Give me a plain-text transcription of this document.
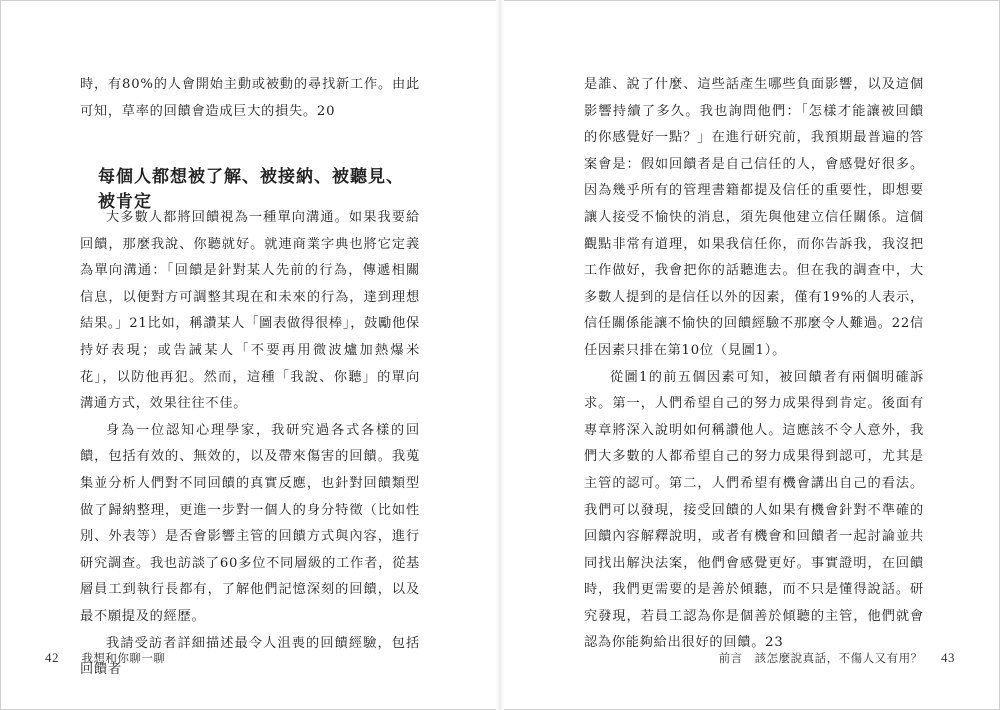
時，有80%的人會開始主動或被動的尋找新工作。由此可知，草率的回饋會造成巨大的損失。20

每個人都想被了解、被接納、被聽見、被肯定

大多數人都將回饋視為一種單向溝通。如果我要給回饋，那麼我說、你聽就好。就連商業字典也將它定義為單向溝通：「回饋是針對某人先前的行為，傳遞相關信息，以便對方可調整其現在和未來的行為，達到理想結果。」21比如，稱讚某人「圖表做得很棒」，鼓勵他保持好表現；或告誡某人「不要再用微波爐加熱爆米花」，以防他再犯。然而，這種「我說、你聽」的單向溝通方式，效果往往不佳。

身為一位認知心理學家，我研究過各式各樣的回饋，包括有效的、無效的，以及帶來傷害的回饋。我蒐集並分析人們對不同回饋的真實反應，也針對回饋類型做了歸納整理，更進一步對一個人的身分特徵（比如性別、外表等）是否會影響主管的回饋方式與內容，進行研究調查。我也訪談了60多位不同層級的工作者，從基層員工到執行長都有，了解他們記憶深刻的回饋，以及最不願提及的經歷。

我請受訪者詳細描述最令人沮喪的回饋經驗，包括回饋者

42 我想和你聊一聊

是誰、說了什麼、這些話產生哪些負面影響，以及這個影響持續了多久。我也詢問他們：「怎樣才能讓被回饋的你感覺好一點？」在進行研究前，我預期最普遍的答案會是：假如回饋者是自己信任的人，會感覺好很多。因為幾乎所有的管理書籍都提及信任的重要性，即想要讓人接受不愉快的消息，須先與他建立信任關係。這個觀點非常有道理，如果我信任你，而你告訴我，我沒把工作做好，我會把你的話聽進去。但在我的調查中，大多數人提到的是信任以外的因素，僅有19%的人表示，信任關係能讓不愉快的回饋經驗不那麼令人難過。22信任因素只排在第10位（見圖1）。

從圖1的前五個因素可知，被回饋者有兩個明確訴求。第一，人們希望自己的努力成果得到肯定。後面有專章將深入說明如何稱讚他人。這應該不令人意外，我們大多數的人都希望自己的努力成果得到認可，尤其是主管的認可。第二，人們希望有機會講出自己的看法。我們可以發現，接受回饋的人如果有機會針對不準確的回饋內容解釋說明，或者有機會和回饋者一起討論並共同找出解決法案，他們會感覺更好。事實證明，在回饋時，我們更需要的是善於傾聽，而不只是懂得說話。研究發現，若員工認為你是個善於傾聽的主管，他們就會認為你能夠給出很好的回饋。23

前言　該怎麼說真話，不傷人又有用？ 43
